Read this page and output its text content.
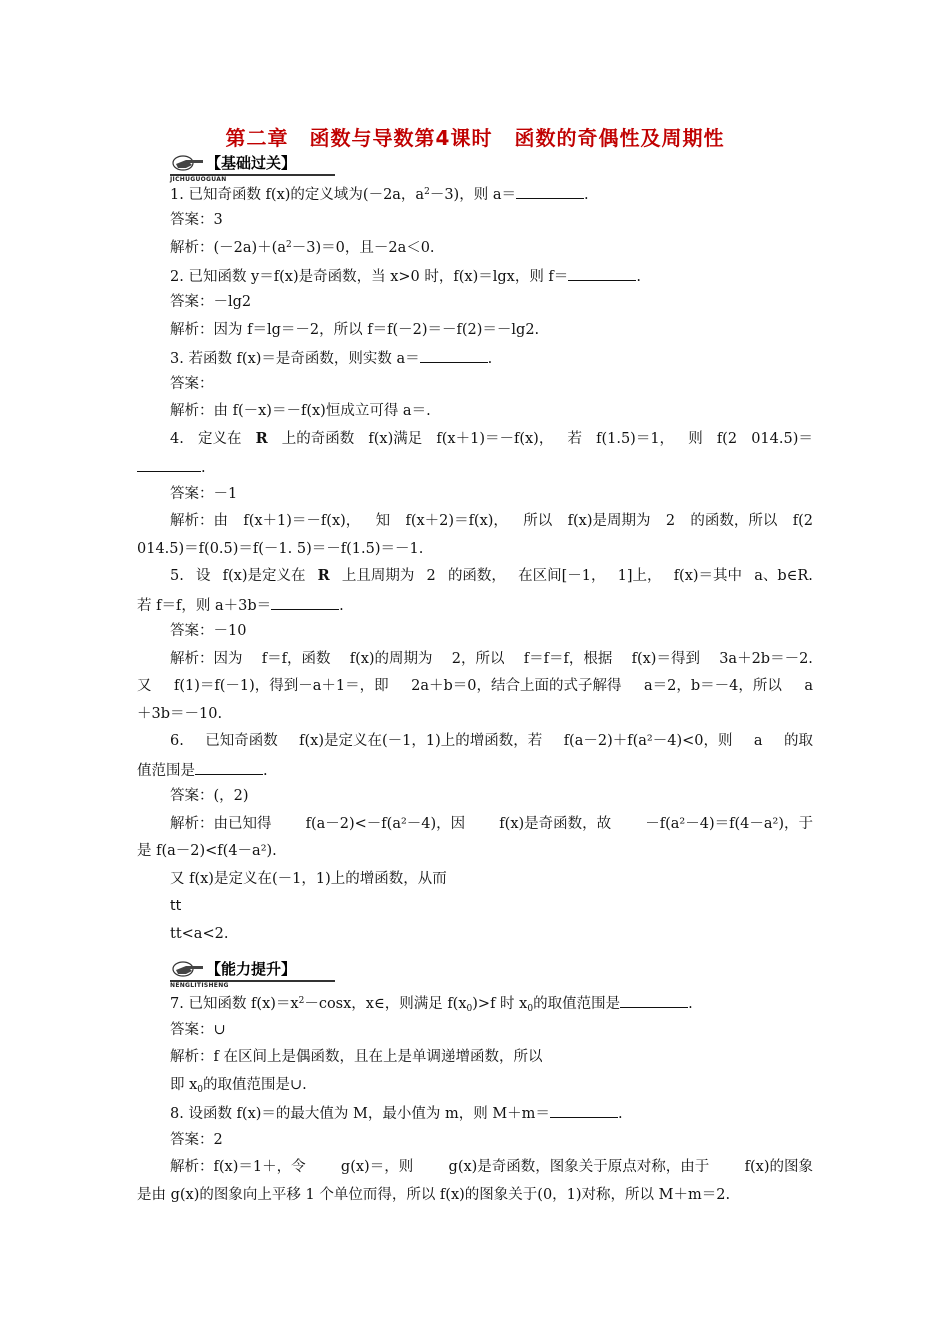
第二章　函数与导数第4课时 函数的奇偶性及周期性
【基础过关】
JICHUGUOGUAN
1. 已知奇函数 f(x)的定义域为(－2a，$a^2-3$)，则 a＝	.
答案：3
解析：$(-2a)+(a^2-3)=0$，且－2a＜0.
2. 已知函数 y＝f(x)是奇函数，当 x>0 时，f(x)＝lgx，则 f＝	.
答案：－lg2
解析：因为 f＝lg＝－2，所以 f＝f(－2)＝－f(2)＝－lg2.
3. 若函数 f(x)＝是奇函数，则实数 a＝	.
答案：
解析：由 f(－x)＝－f(x)恒成立可得 a＝.
4. 定义在 R 上的奇函数 f(x)满足 f(x＋1)＝－f(x)， 若 f(1.5)＝1， 则 f(2 014.5)＝
.
答案：－1
解析：由 f(x＋1)＝－f(x)， 知 f(x＋2)＝f(x)， 所以 f(x)是周期为 2 的函数，所以 f(2
014.5)＝f(0.5)＝f(－1. 5)＝－f(1.5)＝－1.
5. 设 f(x)是定义在 R 上且周期为 2 的函数， 在区间[－1， 1]上， f(x)＝其中 a、b∈R.
若 f＝f，则 a＋3b＝	.
答案：－10
解析：因为 f＝f，函数 f(x)的周期为 2，所以 f＝f＝f，根据 f(x)＝得到 3a＋2b＝－2.
又 f(1)＝f(－1)，得到－a＋1＝，即 2a＋b＝0，结合上面的式子解得 a＝2，b＝－4，所以 a
＋3b＝－10.
6. 已知奇函数 f(x)是定义在(－1，1)上的增函数，若 f(a－2)＋f(a²－4)<0，则 a 的取
值范围是	.
答案：(，2)
解析：由已知得 f(a－2)<－f(a²－4)，因 f(x)是奇函数，故 －f(a²－4)＝f(4－a²)，于
是 f(a－2)<f(4－a²).
又 f(x)是定义在(－1，1)上的增函数，从而
tt
tt<a<2.
【能力提升】
NENGLITISHENG
7. 已知函数 $f(x)=x^2-\cos x$，x∈，则满足 $f(x_0)>f$ 时 $x_0$的取值范围是	.
答案：∪
解析：f 在区间上是偶函数，且在上是单调递增函数，所以
即 $x_0$的取值范围是∪.
8. 设函数 f(x)＝的最大值为 M，最小值为 m，则 M＋m＝	.
答案：2
解析：f(x)＝1＋，令 g(x)＝，则 g(x)是奇函数，图象关于原点对称，由于 f(x)的图象
是由 g(x)的图象向上平移 1 个单位而得，所以 f(x)的图象关于(0，1)对称，所以 M＋m＝2.
